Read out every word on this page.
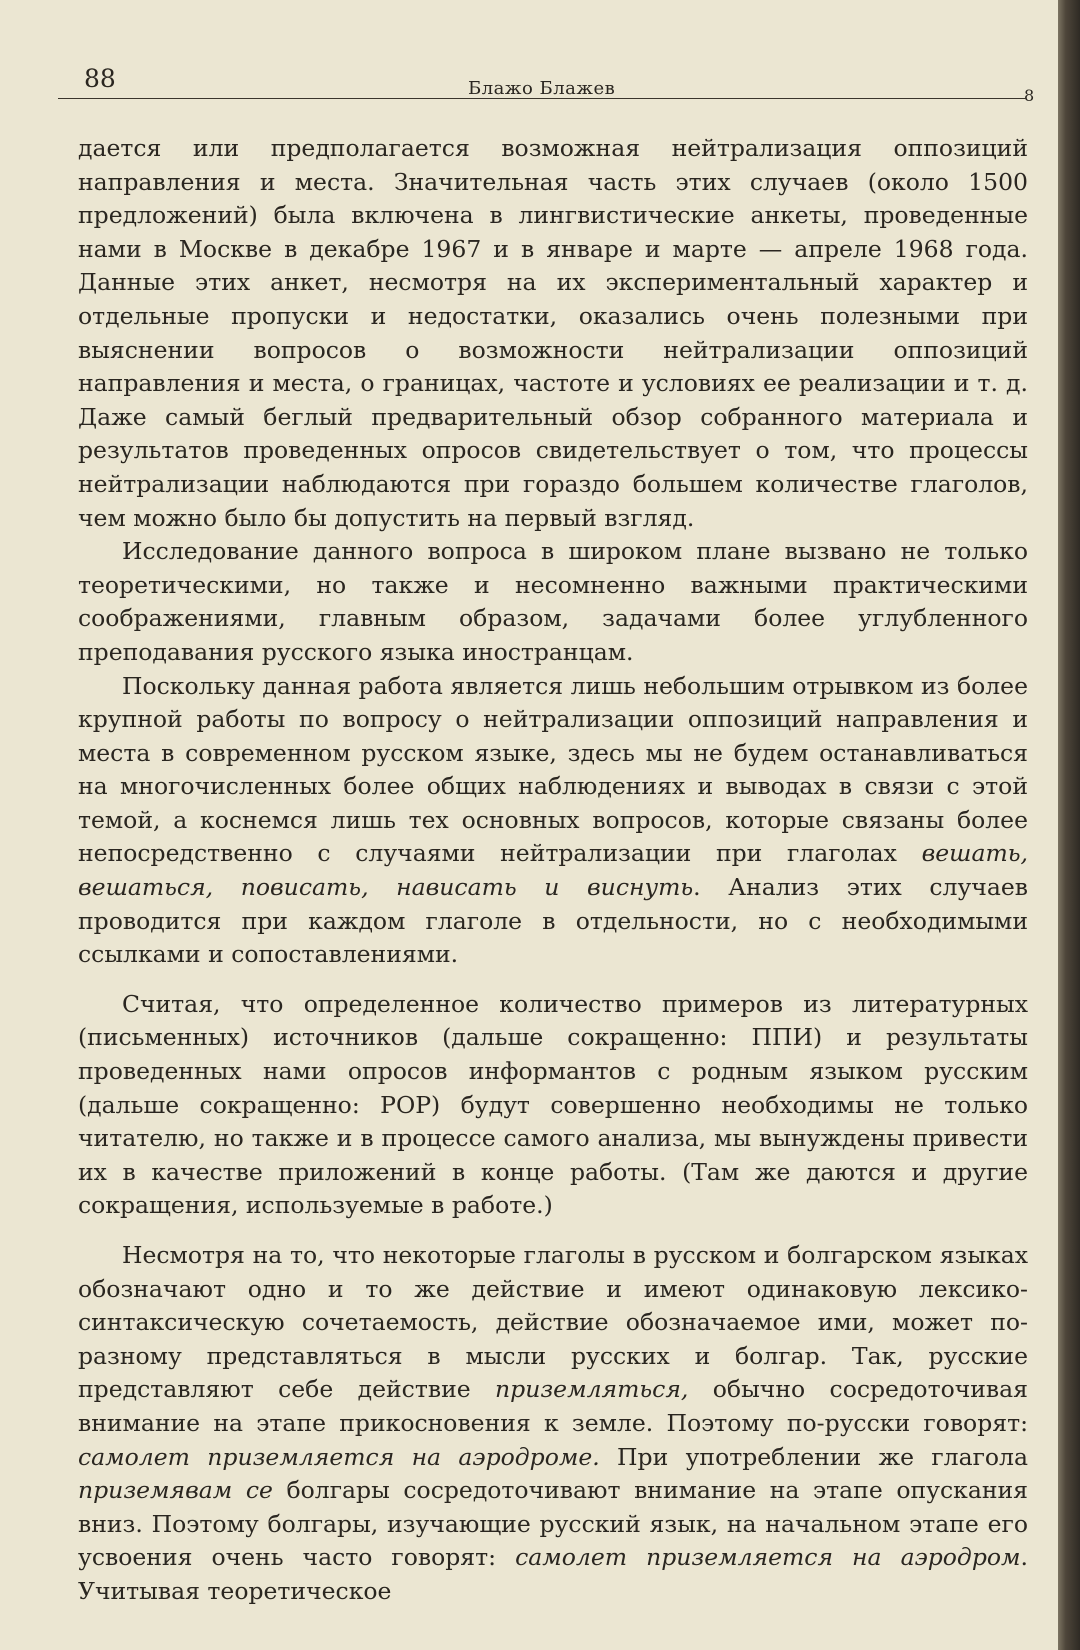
88	Блажо Блажев	8

дается или предполагается возможная нейтрализация оппозиций направления и места. Значительная часть этих случаев (около 1500 предложений) была включена в лингвистические анкеты, проведенные нами в Москве в декабре 1967 и в январе и марте — апреле 1968 года. Данные этих анкет, несмотря на их экспериментальный характер и отдельные пропуски и недостатки, оказались очень полезными при выяснении вопросов о возможности нейтрализации оппозиций направления и места, о границах, частоте и условиях ее реализации и т. д. Даже самый беглый предварительный обзор собранного материала и результатов проведенных опросов свидетельствует о том, что процессы нейтрализации наблюдаются при гораздо большем количестве глаголов, чем можно было бы допустить на первый взгляд.

Исследование данного вопроса в широком плане вызвано не только теоретическими, но также и несомненно важными практическими соображениями, главным образом, задачами более углубленного преподавания русского языка иностранцам.

Поскольку данная работа является лишь небольшим отрывком из более крупной работы по вопросу о нейтрализации оппозиций направления и места в современном русском языке, здесь мы не будем останавливаться на многочисленных более общих наблюдениях и выводах в связи с этой темой, а коснемся лишь тех основных вопросов, которые связаны более непосредственно с случаями нейтрализации при глаголах вешать, вешаться, повисать, нависать и виснуть. Анализ этих случаев проводится при каждом глаголе в отдельности, но с необходимыми ссылками и сопоставлениями.

Считая, что определенное количество примеров из литературных (письменных) источников (дальше сокращенно: ППИ) и результаты проведенных нами опросов информантов с родным языком русским (дальше сокращенно: РОР) будут совершенно необходимы не только читателю, но также и в процессе самого анализа, мы вынуждены привести их в качестве приложений в конце работы. (Там же даются и другие сокращения, используемые в работе.)

Несмотря на то, что некоторые глаголы в русском и болгарском языках обозначают одно и то же действие и имеют одинаковую лексико-синтаксическую сочетаемость, действие обозначаемое ими, может по-разному представляться в мысли русских и болгар. Так, русские представляют себе действие приземляться, обычно сосредоточивая внимание на этапе прикосновения к земле. Поэтому по-русски говорят: самолет приземляется на аэродроме. При употреблении же глагола приземявам се болгары сосредоточивают внимание на этапе опускания вниз. Поэтому болгары, изучающие русский язык, на начальном этапе его усвоения очень часто говорят: самолет приземляется на аэродром. Учитывая теоретическое
